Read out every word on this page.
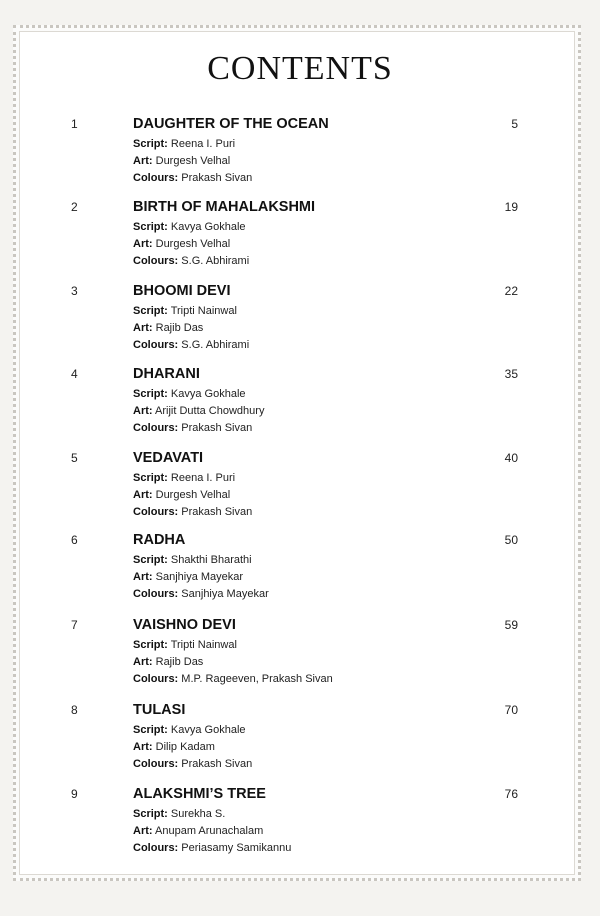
CONTENTS
1	DAUGHTER OF THE OCEAN	5
Script: Reena I. Puri
Art: Durgesh Velhal
Colours: Prakash Sivan
2	BIRTH OF MAHALAKSHMI	19
Script: Kavya Gokhale
Art: Durgesh Velhal
Colours: S.G. Abhirami
3	BHOOMI DEVI	22
Script: Tripti Nainwal
Art: Rajib Das
Colours: S.G. Abhirami
4	DHARANI	35
Script: Kavya Gokhale
Art: Arijit Dutta Chowdhury
Colours: Prakash Sivan
5	VEDAVATI	40
Script: Reena I. Puri
Art: Durgesh Velhal
Colours: Prakash Sivan
6	RADHA	50
Script: Shakthi Bharathi
Art: Sanjhiya Mayekar
Colours: Sanjhiya Mayekar
7	VAISHNO DEVI	59
Script: Tripti Nainwal
Art: Rajib Das
Colours: M.P. Rageeven, Prakash Sivan
8	TULASI	70
Script: Kavya Gokhale
Art: Dilip Kadam
Colours: Prakash Sivan
9	ALAKSHMI’S TREE	76
Script: Surekha S.
Art: Anupam Arunachalam
Colours: Periasamy Samikannu
